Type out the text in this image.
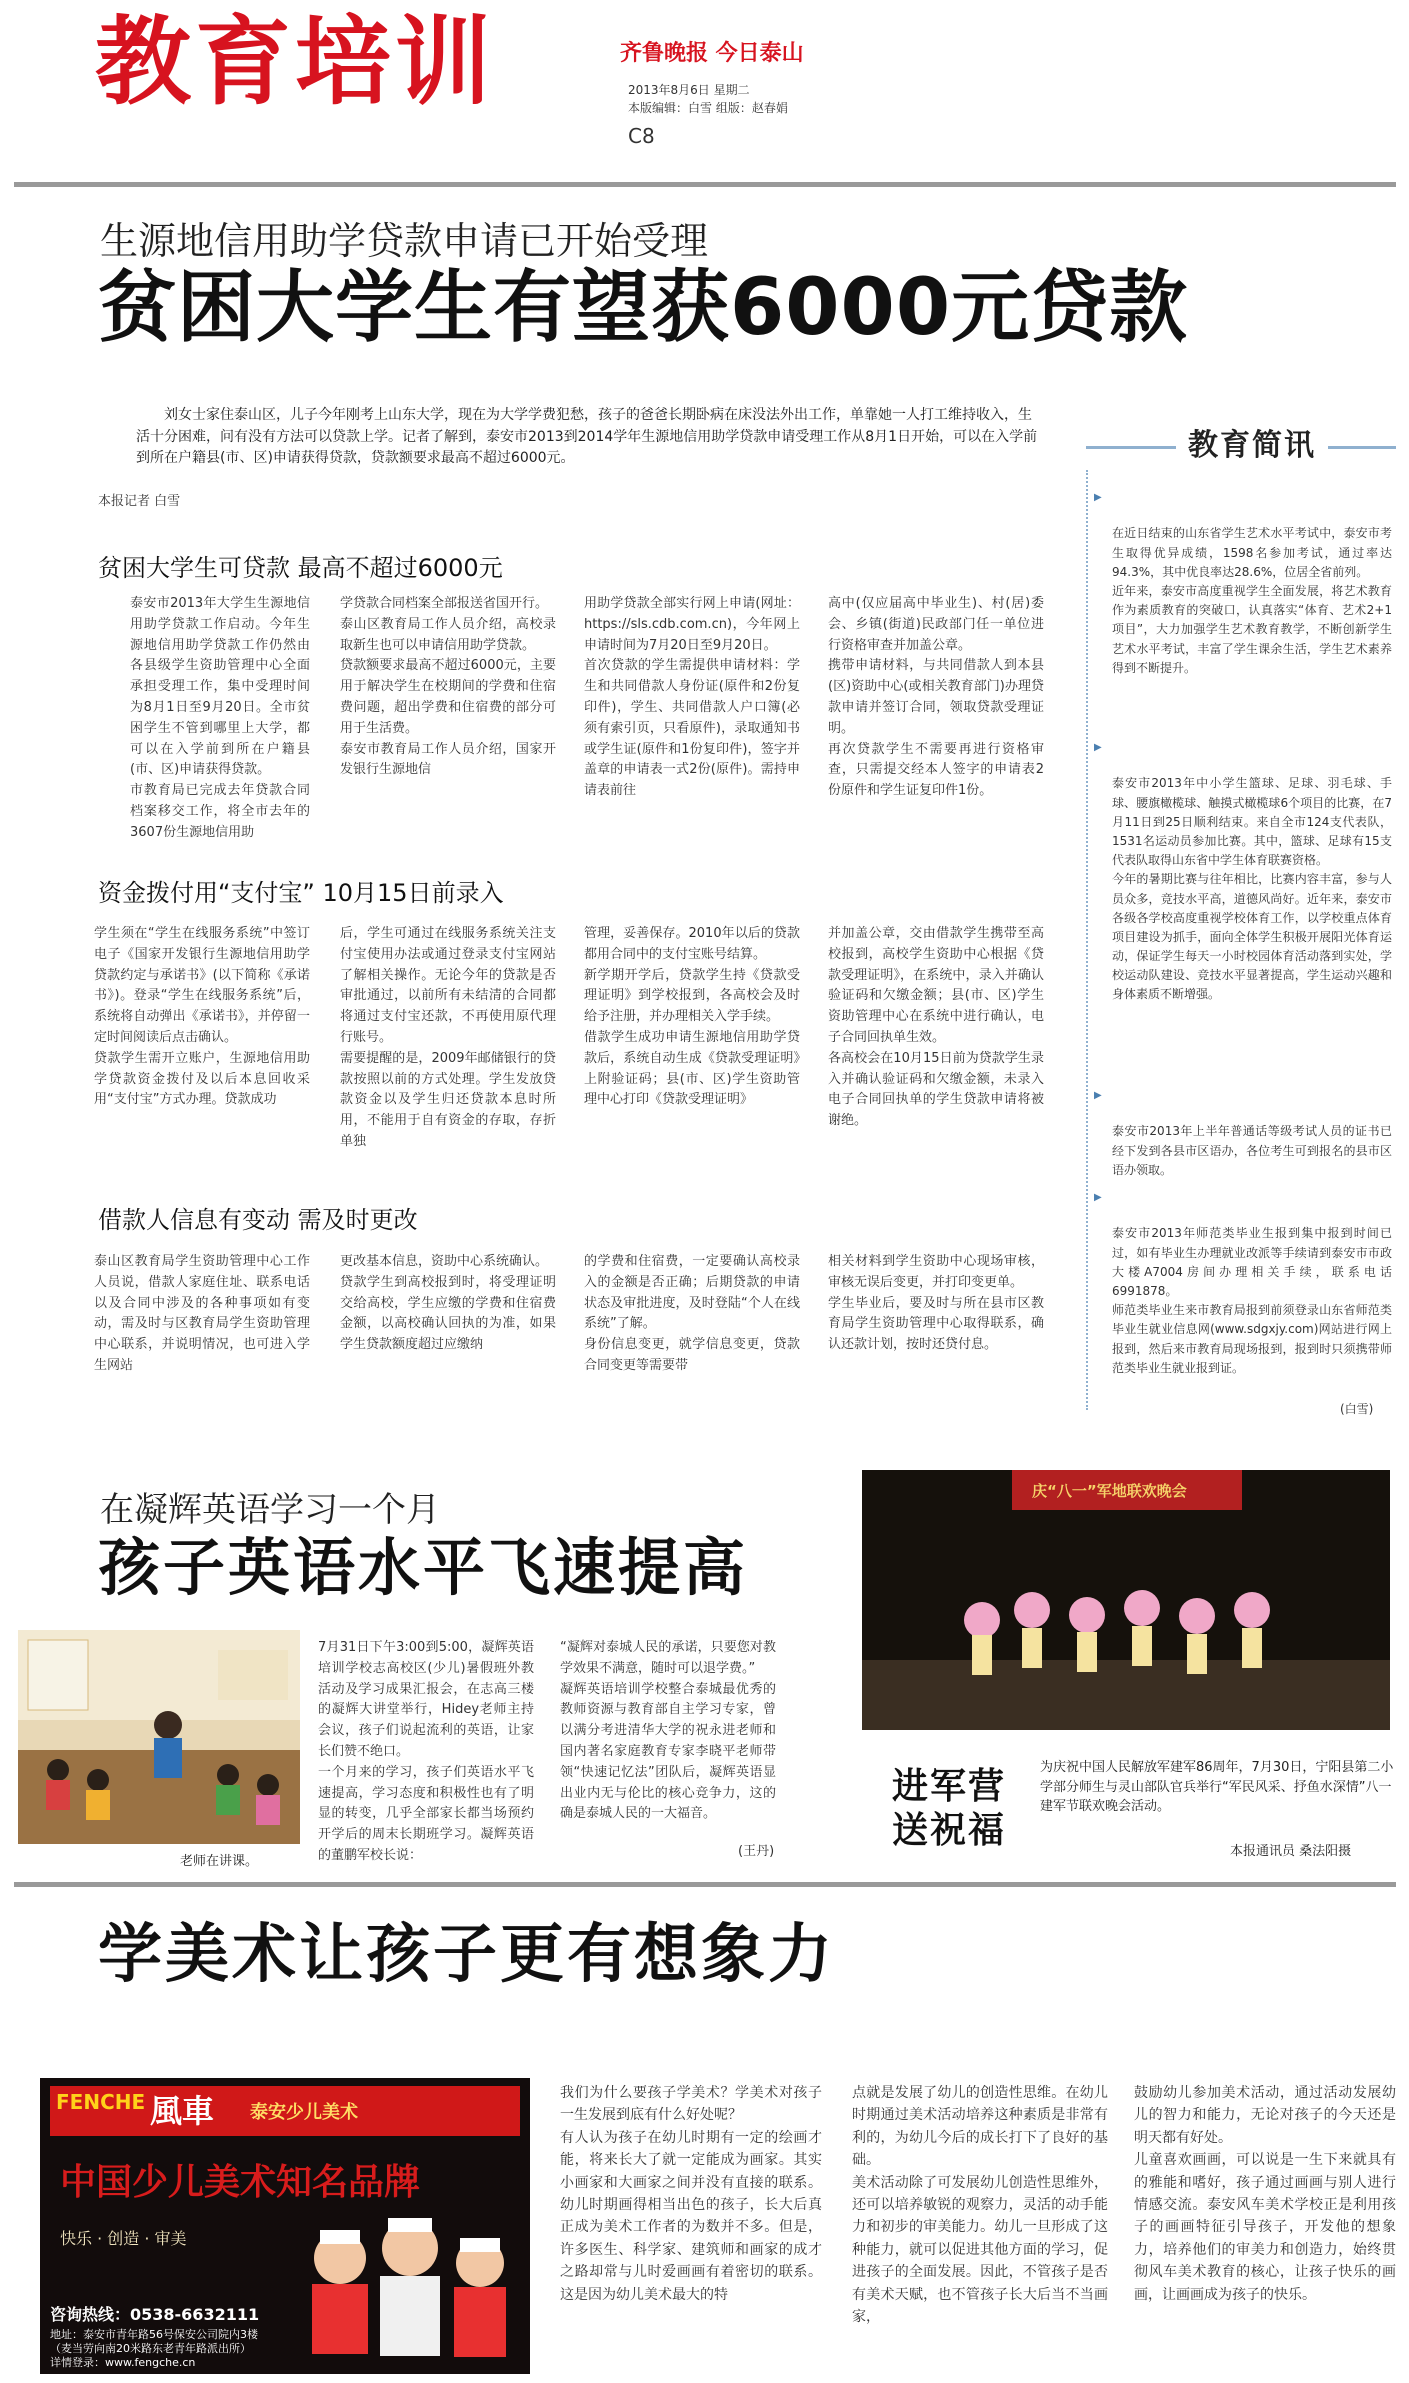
教育培训	齐鲁晚报 今日泰山
2013年8月6日 星期二
本版编辑：白雪 组版：赵春娟
C8
生源地信用助学贷款申请已开始受理
贫困大学生有望获6000元贷款
刘女士家住泰山区，儿子今年刚考上山东大学，现在为大学学费犯愁，孩子的爸爸长期卧病在床没法外出工作，单靠她一人打工维持收入，生活十分困难，问有没有方法可以贷款上学。记者了解到，泰安市2013到2014学年生源地信用助学贷款申请受理工作从8月1日开始，可以在入学前到所在户籍县(市、区)申请获得贷款，贷款额要求最高不超过6000元。
本报记者 白雪
贫困大学生可贷款 最高不超过6000元
泰安市2013年大学生生源地信用助学贷款工作启动。今年生源地信用助学贷款工作仍然由各县级学生资助管理中心全面承担受理工作，集中受理时间为8月1日至9月20日。全市贫困学生不管到哪里上大学，都可以在入学前到所在户籍县(市、区)申请获得贷款。
市教育局已完成去年贷款合同档案移交工作，将全市去年的3607份生源地信用助
学贷款合同档案全部报送省国开行。
泰山区教育局工作人员介绍，高校录取新生也可以申请信用助学贷款。
贷款额要求最高不超过6000元，主要用于解决学生在校期间的学费和住宿费问题，超出学费和住宿费的部分可用于生活费。
泰安市教育局工作人员介绍，国家开发银行生源地信
用助学贷款全部实行网上申请(网址：https://sls.cdb.com.cn)，今年网上申请时间为7月20日至9月20日。
首次贷款的学生需提供申请材料：学生和共同借款人身份证(原件和2份复印件)，学生、共同借款人户口簿(必须有索引页，只看原件)，录取通知书或学生证(原件和1份复印件)，签字并盖章的申请表一式2份(原件)。需持申请表前往
高中(仅应届高中毕业生)、村(居)委会、乡镇(街道)民政部门任一单位进行资格审查并加盖公章。
携带申请材料，与共同借款人到本县(区)资助中心(或相关教育部门)办理贷款申请并签订合同，领取贷款受理证明。
再次贷款学生不需要再进行资格审查，只需提交经本人签字的申请表2份原件和学生证复印件1份。
资金拨付用“支付宝” 10月15日前录入
学生须在“学生在线服务系统”中签订电子《国家开发银行生源地信用助学贷款约定与承诺书》(以下简称《承诺书》)。登录“学生在线服务系统”后，系统将自动弹出《承诺书》，并停留一定时间阅读后点击确认。
贷款学生需开立账户，生源地信用助学贷款资金拨付及以后本息回收采用“支付宝”方式办理。贷款成功
后，学生可通过在线服务系统关注支付宝使用办法或通过登录支付宝网站了解相关操作。无论今年的贷款是否审批通过，以前所有未结清的合同都将通过支付宝还款，不再使用原代理行账号。
需要提醒的是，2009年邮储银行的贷款按照以前的方式处理。学生发放贷款资金以及学生归还贷款本息时所用，不能用于自有资金的存取，存折单独
管理，妥善保存。2010年以后的贷款都用合同中的支付宝账号结算。
新学期开学后，贷款学生持《贷款受理证明》到学校报到，各高校会及时给予注册，并办理相关入学手续。
借款学生成功申请生源地信用助学贷款后，系统自动生成《贷款受理证明》上附验证码；县(市、区)学生资助管理中心打印《贷款受理证明》
并加盖公章，交由借款学生携带至高校报到，高校学生资助中心根据《贷款受理证明》，在系统中，录入并确认验证码和欠缴金额；县(市、区)学生资助管理中心在系统中进行确认，电子合同回执单生效。
各高校会在10月15日前为贷款学生录入并确认验证码和欠缴金额，未录入电子合同回执单的学生贷款申请将被谢绝。
借款人信息有变动 需及时更改
泰山区教育局学生资助管理中心工作人员说，借款人家庭住址、联系电话以及合同中涉及的各种事项如有变动，需及时与区教育局学生资助管理中心联系，并说明情况，也可进入学生网站
更改基本信息，资助中心系统确认。
贷款学生到高校报到时，将受理证明交给高校，学生应缴的学费和住宿费金额，以高校确认回执的为准，如果学生贷款额度超过应缴纳
的学费和住宿费，一定要确认高校录入的金额是否正确；后期贷款的申请状态及审批进度，及时登陆“个人在线系统”了解。
身份信息变更，就学信息变更，贷款合同变更等需要带
相关材料到学生资助中心现场审核，审核无误后变更，并打印变更单。
学生毕业后，要及时与所在县市区教育局学生资助管理中心取得联系，确认还款计划，按时还贷付息。
教育简讯

▶

在近日结束的山东省学生艺术水平考试中，泰安市考生取得优异成绩，1598名参加考试，通过率达94.3%，其中优良率达28.6%，位居全省前列。
近年来，泰安市高度重视学生全面发展，将艺术教育作为素质教育的突破口，认真落实“体育、艺术2+1项目”，大力加强学生艺术教育教学，不断创新学生艺术水平考试，丰富了学生课余生活，学生艺术素养得到不断提升。

▶

泰安市2013年中小学生篮球、足球、羽毛球、手球、腰旗橄榄球、触摸式橄榄球6个项目的比赛，在7月11日到25日顺利结束。来自全市124支代表队，1531名运动员参加比赛。其中，篮球、足球有15支代表队取得山东省中学生体育联赛资格。
今年的暑期比赛与往年相比，比赛内容丰富，参与人员众多，竞技水平高，道德风尚好。近年来，泰安市各级各学校高度重视学校体育工作，以学校重点体育项目建设为抓手，面向全体学生积极开展阳光体育运动，保证学生每天一小时校园体育活动落到实处，学校运动队建设、竞技水平显著提高，学生运动兴趣和身体素质不断增强。

▶

泰安市2013年上半年普通话等级考试人员的证书已经下发到各县市区语办，各位考生可到报名的县市区语办领取。

▶

泰安市2013年师范类毕业生报到集中报到时间已过，如有毕业生办理就业改派等手续请到泰安市市政大楼A7004房间办理相关手续，联系电话6991878。
师范类毕业生来市教育局报到前须登录山东省师范类毕业生就业信息网(www.sdgxjy.com)网站进行网上报到，然后来市教育局现场报到，报到时只须携带师范类毕业生就业报到证。

(白雪)
在凝辉英语学习一个月
孩子英语水平飞速提高
老师在讲课。
7月31日下午3:00到5:00，凝辉英语培训学校志高校区(少儿)暑假班外教活动及学习成果汇报会，在志高三楼的凝辉大讲堂举行，Hidey老师主持会议，孩子们说起流利的英语，让家长们赞不绝口。
一个月来的学习，孩子们英语水平飞速提高，学习态度和积极性也有了明显的转变，几乎全部家长都当场预约开学后的周末长期班学习。凝辉英语的董鹏军校长说：
“凝辉对泰城人民的承诺，只要您对教学效果不满意，随时可以退学费。”
凝辉英语培训学校整合泰城最优秀的教师资源与教育部自主学习专家，曾以满分考进清华大学的祝永进老师和国内著名家庭教育专家李晓平老师带领“快速记忆法”团队后，凝辉英语显出业内无与伦比的核心竞争力，这的确是泰城人民的一大福音。
(王丹)
庆“八一”军地联欢晚会
进军营
送祝福
为庆祝中国人民解放军建军86周年，7月30日，宁阳县第二小学部分师生与灵山部队官兵举行“军民风采、抒鱼水深情”八一建军节联欢晚会活动。
本报通讯员 桑法阳摄
学美术让孩子更有想象力
FENCHE 風車 泰安少儿美术
中国少儿美术知名品牌
快乐 · 创造 · 审美
咨询热线：0538-6632111
地址：泰安市青年路56号保安公司院内3楼
（麦当劳向南20米路东老青年路派出所）
详情登录：www.fengche.cn
我们为什么要孩子学美术？学美术对孩子一生发展到底有什么好处呢？
有人认为孩子在幼儿时期有一定的绘画才能，将来长大了就一定能成为画家。其实小画家和大画家之间并没有直接的联系。幼儿时期画得相当出色的孩子，长大后真正成为美术工作者的为数并不多。但是，许多医生、科学家、建筑师和画家的成才之路却常与儿时爱画画有着密切的联系。这是因为幼儿美术最大的特
点就是发展了幼儿的创造性思维。在幼儿时期通过美术活动培养这种素质是非常有利的，为幼儿今后的成长打下了良好的基础。
美术活动除了可发展幼儿创造性思维外，还可以培养敏锐的观察力，灵活的动手能力和初步的审美能力。幼儿一旦形成了这种能力，就可以促进其他方面的学习，促进孩子的全面发展。因此，不管孩子是否有美术天赋，也不管孩子长大后当不当画家，
鼓励幼儿参加美术活动，通过活动发展幼儿的智力和能力，无论对孩子的今天还是明天都有好处。
儿童喜欢画画，可以说是一生下来就具有的雅能和嗜好，孩子通过画画与别人进行情感交流。泰安风车美术学校正是利用孩子的画画特征引导孩子，开发他的想象力，培养他们的审美力和创造力，始终贯彻风车美术教育的核心，让孩子快乐的画画，让画画成为孩子的快乐。
